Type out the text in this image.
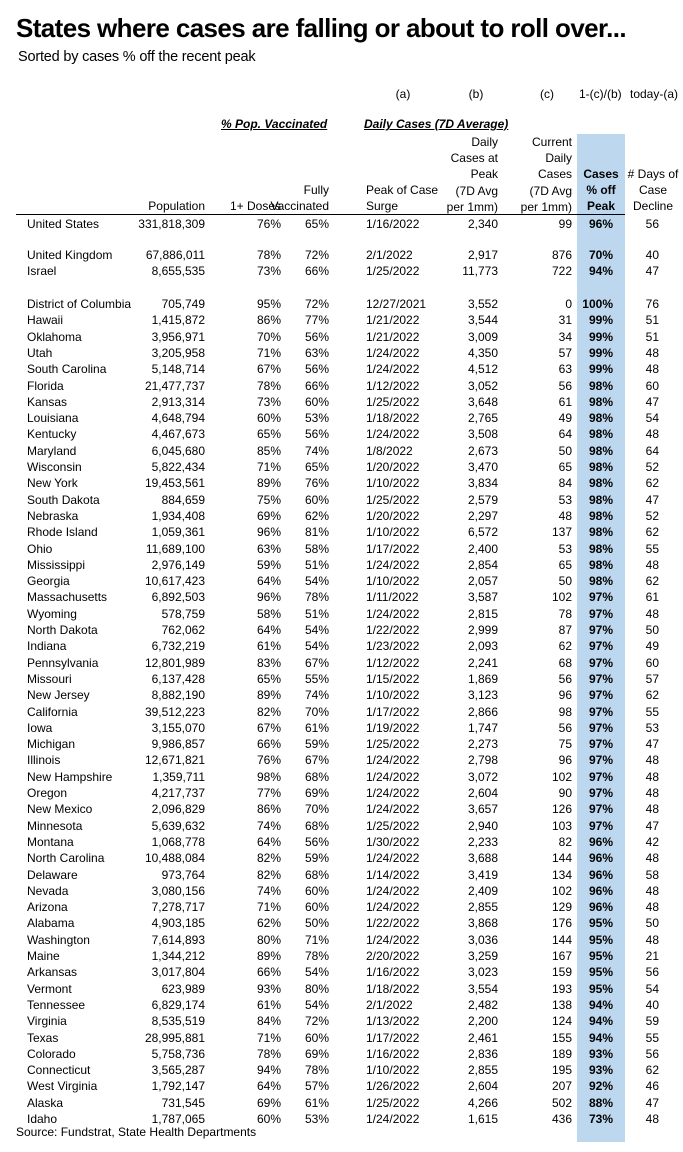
States where cases are falling or about to roll over...
Sorted by cases % off the recent peak
(a)	(b)	(c)	1-(c)/(b) today-(a)
% Pop. Vaccinated	Daily Cases (7D Average)
Population 1+ Doses
Fully
Vaccinated
Peak of Case
Surge
Daily
Cases at
Peak
(7D Avg
per 1mm)
Current
Daily
Cases
(7D Avg
per 1mm)
Cases
% off
Peak
# Days of
Case
Decline
United States	331,818,309	76% 65%	1/16/2022	2,340	99 96%	56
United Kingdom	67,886,011	78% 72%	2/1/2022	2,917	876 70%	40
Israel	8,655,535	73% 66%	1/25/2022	11,773	722 94%	47
District of Columbia	705,749	95% 72%	12/27/2021	3,552	0 100%	76
Hawaii	1,415,872	86% 77%	1/21/2022	3,544	31 99%	51
Oklahoma	3,956,971	70% 56%	1/21/2022	3,009	34 99%	51
Utah	3,205,958	71% 63%	1/24/2022	4,350	57 99%	48
South Carolina	5,148,714	67% 56%	1/24/2022	4,512	63 99%	48
Florida	21,477,737	78% 66%	1/12/2022	3,052	56 98%	60
Kansas	2,913,314	73% 60%	1/25/2022	3,648	61 98%	47
Louisiana	4,648,794	60% 53%	1/18/2022	2,765	49 98%	54
Kentucky	4,467,673	65% 56%	1/24/2022	3,508	64 98%	48
Maryland	6,045,680	85% 74%	1/8/2022	2,673	50 98%	64
Wisconsin	5,822,434	71% 65%	1/20/2022	3,470	65 98%	52
New York	19,453,561	89% 76%	1/10/2022	3,834	84 98%	62
South Dakota	884,659	75% 60%	1/25/2022	2,579	53 98%	47
Nebraska	1,934,408	69% 62%	1/20/2022	2,297	48 98%	52
Rhode Island	1,059,361	96% 81%	1/10/2022	6,572	137 98%	62
Ohio	11,689,100	63% 58%	1/17/2022	2,400	53 98%	55
Mississippi	2,976,149	59% 51%	1/24/2022	2,854	65 98%	48
Georgia	10,617,423	64% 54%	1/10/2022	2,057	50 98%	62
Massachusetts	6,892,503	96% 78%	1/11/2022	3,587	102 97%	61
Wyoming	578,759	58% 51%	1/24/2022	2,815	78 97%	48
North Dakota	762,062	64% 54%	1/22/2022	2,999	87 97%	50
Indiana	6,732,219	61% 54%	1/23/2022	2,093	62 97%	49
Pennsylvania	12,801,989	83% 67%	1/12/2022	2,241	68 97%	60
Missouri	6,137,428	65% 55%	1/15/2022	1,869	56 97%	57
New Jersey	8,882,190	89% 74%	1/10/2022	3,123	96 97%	62
California	39,512,223	82% 70%	1/17/2022	2,866	98 97%	55
Iowa	3,155,070	67% 61%	1/19/2022	1,747	56 97%	53
Michigan	9,986,857	66% 59%	1/25/2022	2,273	75 97%	47
Illinois	12,671,821	76% 67%	1/24/2022	2,798	96 97%	48
New Hampshire	1,359,711	98% 68%	1/24/2022	3,072	102 97%	48
Oregon	4,217,737	77% 69%	1/24/2022	2,604	90 97%	48
New Mexico	2,096,829	86% 70%	1/24/2022	3,657	126 97%	48
Minnesota	5,639,632	74% 68%	1/25/2022	2,940	103 97%	47
Montana	1,068,778	64% 56%	1/30/2022	2,233	82 96%	42
North Carolina	10,488,084	82% 59%	1/24/2022	3,688	144 96%	48
Delaware	973,764	82% 68%	1/14/2022	3,419	134 96%	58
Nevada	3,080,156	74% 60%	1/24/2022	2,409	102 96%	48
Arizona	7,278,717	71% 60%	1/24/2022	2,855	129 96%	48
Alabama	4,903,185	62% 50%	1/22/2022	3,868	176 95%	50
Washington	7,614,893	80% 71%	1/24/2022	3,036	144 95%	48
Maine	1,344,212	89% 78%	2/20/2022	3,259	167 95%	21
Arkansas	3,017,804	66% 54%	1/16/2022	3,023	159 95%	56
Vermont	623,989	93% 80%	1/18/2022	3,554	193 95%	54
Tennessee	6,829,174	61% 54%	2/1/2022	2,482	138 94%	40
Virginia	8,535,519	84% 72%	1/13/2022	2,200	124 94%	59
Texas	28,995,881	71% 60%	1/17/2022	2,461	155 94%	55
Colorado	5,758,736	78% 69%	1/16/2022	2,836	189 93%	56
Connecticut	3,565,287	94% 78%	1/10/2022	2,855	195 93%	62
West Virginia	1,792,147	64% 57%	1/26/2022	2,604	207 92%	46
Alaska	731,545	69% 61%	1/25/2022	4,266	502 88%	47
Idaho	1,787,065	60% 53%	1/24/2022	1,615	436 73%	48
Source: Fundstrat, State Health Departments
